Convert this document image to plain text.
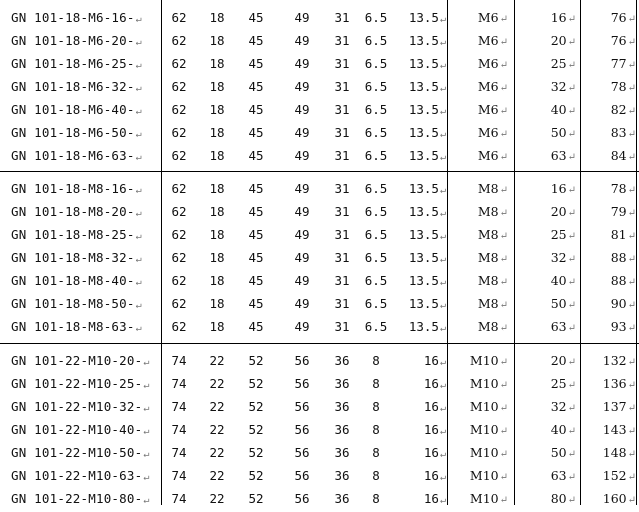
GN 101-18-M6-16-↵	62	18	45	49	31	6.5	13.5↵	M6↵	16↵	76↵
GN 101-18-M6-20-↵	62	18	45	49	31	6.5	13.5↵	M6↵	20↵	76↵
GN 101-18-M6-25-↵	62	18	45	49	31	6.5	13.5↵	M6↵	25↵	77↵
GN 101-18-M6-32-↵	62	18	45	49	31	6.5	13.5↵	M6↵	32↵	78↵
GN 101-18-M6-40-↵	62	18	45	49	31	6.5	13.5↵	M6↵	40↵	82↵
GN 101-18-M6-50-↵	62	18	45	49	31	6.5	13.5↵	M6↵	50↵	83↵
GN 101-18-M6-63-↵	62	18	45	49	31	6.5	13.5↵	M6↵	63↵	84↵
GN 101-18-M8-16-↵	62	18	45	49	31	6.5	13.5↵	M8↵	16↵	78↵
GN 101-18-M8-20-↵	62	18	45	49	31	6.5	13.5↵	M8↵	20↵	79↵
GN 101-18-M8-25-↵	62	18	45	49	31	6.5	13.5↵	M8↵	25↵	81↵
GN 101-18-M8-32-↵	62	18	45	49	31	6.5	13.5↵	M8↵	32↵	88↵
GN 101-18-M8-40-↵	62	18	45	49	31	6.5	13.5↵	M8↵	40↵	88↵
GN 101-18-M8-50-↵	62	18	45	49	31	6.5	13.5↵	M8↵	50↵	90↵
GN 101-18-M8-63-↵	62	18	45	49	31	6.5	13.5↵	M8↵	63↵	93↵
GN 101-22-M10-20-↵	74	22	52	56	36	8	16↵	M10↵	20↵	132↵
GN 101-22-M10-25-↵	74	22	52	56	36	8	16↵	M10↵	25↵	136↵
GN 101-22-M10-32-↵	74	22	52	56	36	8	16↵	M10↵	32↵	137↵
GN 101-22-M10-40-↵	74	22	52	56	36	8	16↵	M10↵	40↵	143↵
GN 101-22-M10-50-↵	74	22	52	56	36	8	16↵	M10↵	50↵	148↵
GN 101-22-M10-63-↵	74	22	52	56	36	8	16↵	M10↵	63↵	152↵
GN 101-22-M10-80-↵	74	22	52	56	36	8	16↵	M10↵	80↵	160↵
